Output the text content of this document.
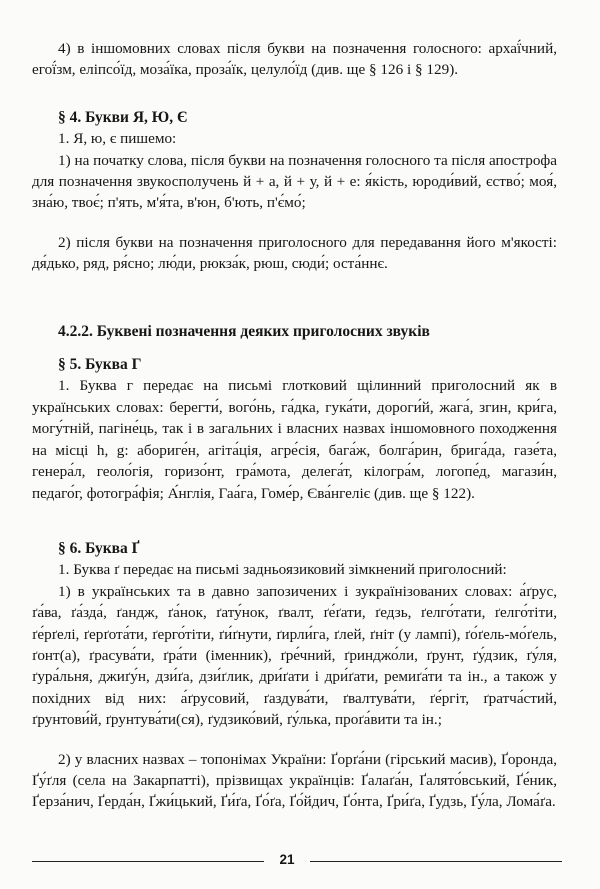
4) в іншомовних словах після букви на позначення голосного: архаї́чний, егої́зм, еліпсо́їд, моза́їка, проза́їк, целуло́їд (див. ще § 126 і § 129).

§ 4. Букви Я, Ю, Є

1. Я, ю, є пишемо:

1) на початку слова, після букви на позначення голосного та після апострофа для позначення звукосполучень й + а, й + у, й + е: я́кість, юроди́вий, єство́; моя́, зна́ю, твоє́; п'ять, м'я́та, в'юн, б'ють, п'є́мо́;

2) після букви на позначення приголосного для передавання його м'якості: дя́дько, ряд, ря́сно; лю́ди, рюкза́к, рюш, сюди́; оста́ннє.

4.2.2. Буквені позначення деяких приголосних звуків
§ 5. Буква Г

1. Буква г передає на письмі глотковий щілинний приголосний як в українських словах: берегти́, вого́нь, га́дка, гука́ти, дороги́й, жага́, згин, кри́га, могу́тній, пагіне́ць, так і в загальних і власних назвах іншомовного походження на місці h, g: абориге́н, агіта́ція, агре́сія, бага́ж, болга́рин, брига́да, газе́та, генера́л, геоло́гія, горизо́нт, гра́мота, делега́т, кілогра́м, логопе́д, магази́н, педаго́г, фотогра́фія; А́нглія, Гаа́га, Гоме́р, Єва́нгеліє (див. ще § 122).

§ 6. Буква Ґ

1. Буква ґ передає на письмі задньоязиковий зімкнений приголосний:

1) в українських та в давно запозичених і зукраїнізованих словах: а́ґрус, ґа́ва, ґа́зда́, ґандж, ґа́нок, ґату́нок, ґвалт, ґе́ґати, ґедзь, ґелго́тати, ґелго́тіти, ґе́рґелі, ґерґота́ти, ґерго́тіти, ґи́ґнути, ґирли́га, ґлей, ґніт (у лампі), ґо́ґель-мо́ґель, ґонт(а), ґрасува́ти, ґра́ти (іменник), ґре́чний, ґринджо́ли, ґрунт, ґу́дзик, ґу́ля, ґура́льня, джиґу́н, дзи́ґа, дзи́ґлик, дри́ґати і дри́ґати, ремиґа́ти та ін., а також у похідних від них: а́ґрусовий, ґаздува́ти, ґвалтува́ти, ґе́ргіт, ґратча́стий, ґрунтови́й, ґрунтува́ти(ся), ґудзико́вий, ґу́лька, проґа́вити та ін.;

2) у власних назвах – топонімах України: Ґорґа́ни (гірський масив), Ґоронда, Ґу́ґля (села на Закарпатті), прізвищах українців: Ґалаґа́н, Ґалято́вський, Ґе́ник, Ґерза́нич, Ґерда́н, Ґжи́цький, Ґи́ґа, Ґо́ґа, Ґо́йдич, Ґо́нта, Ґри́ґа, Ґудзь, Ґу́ла, Лома́ґа.

21
